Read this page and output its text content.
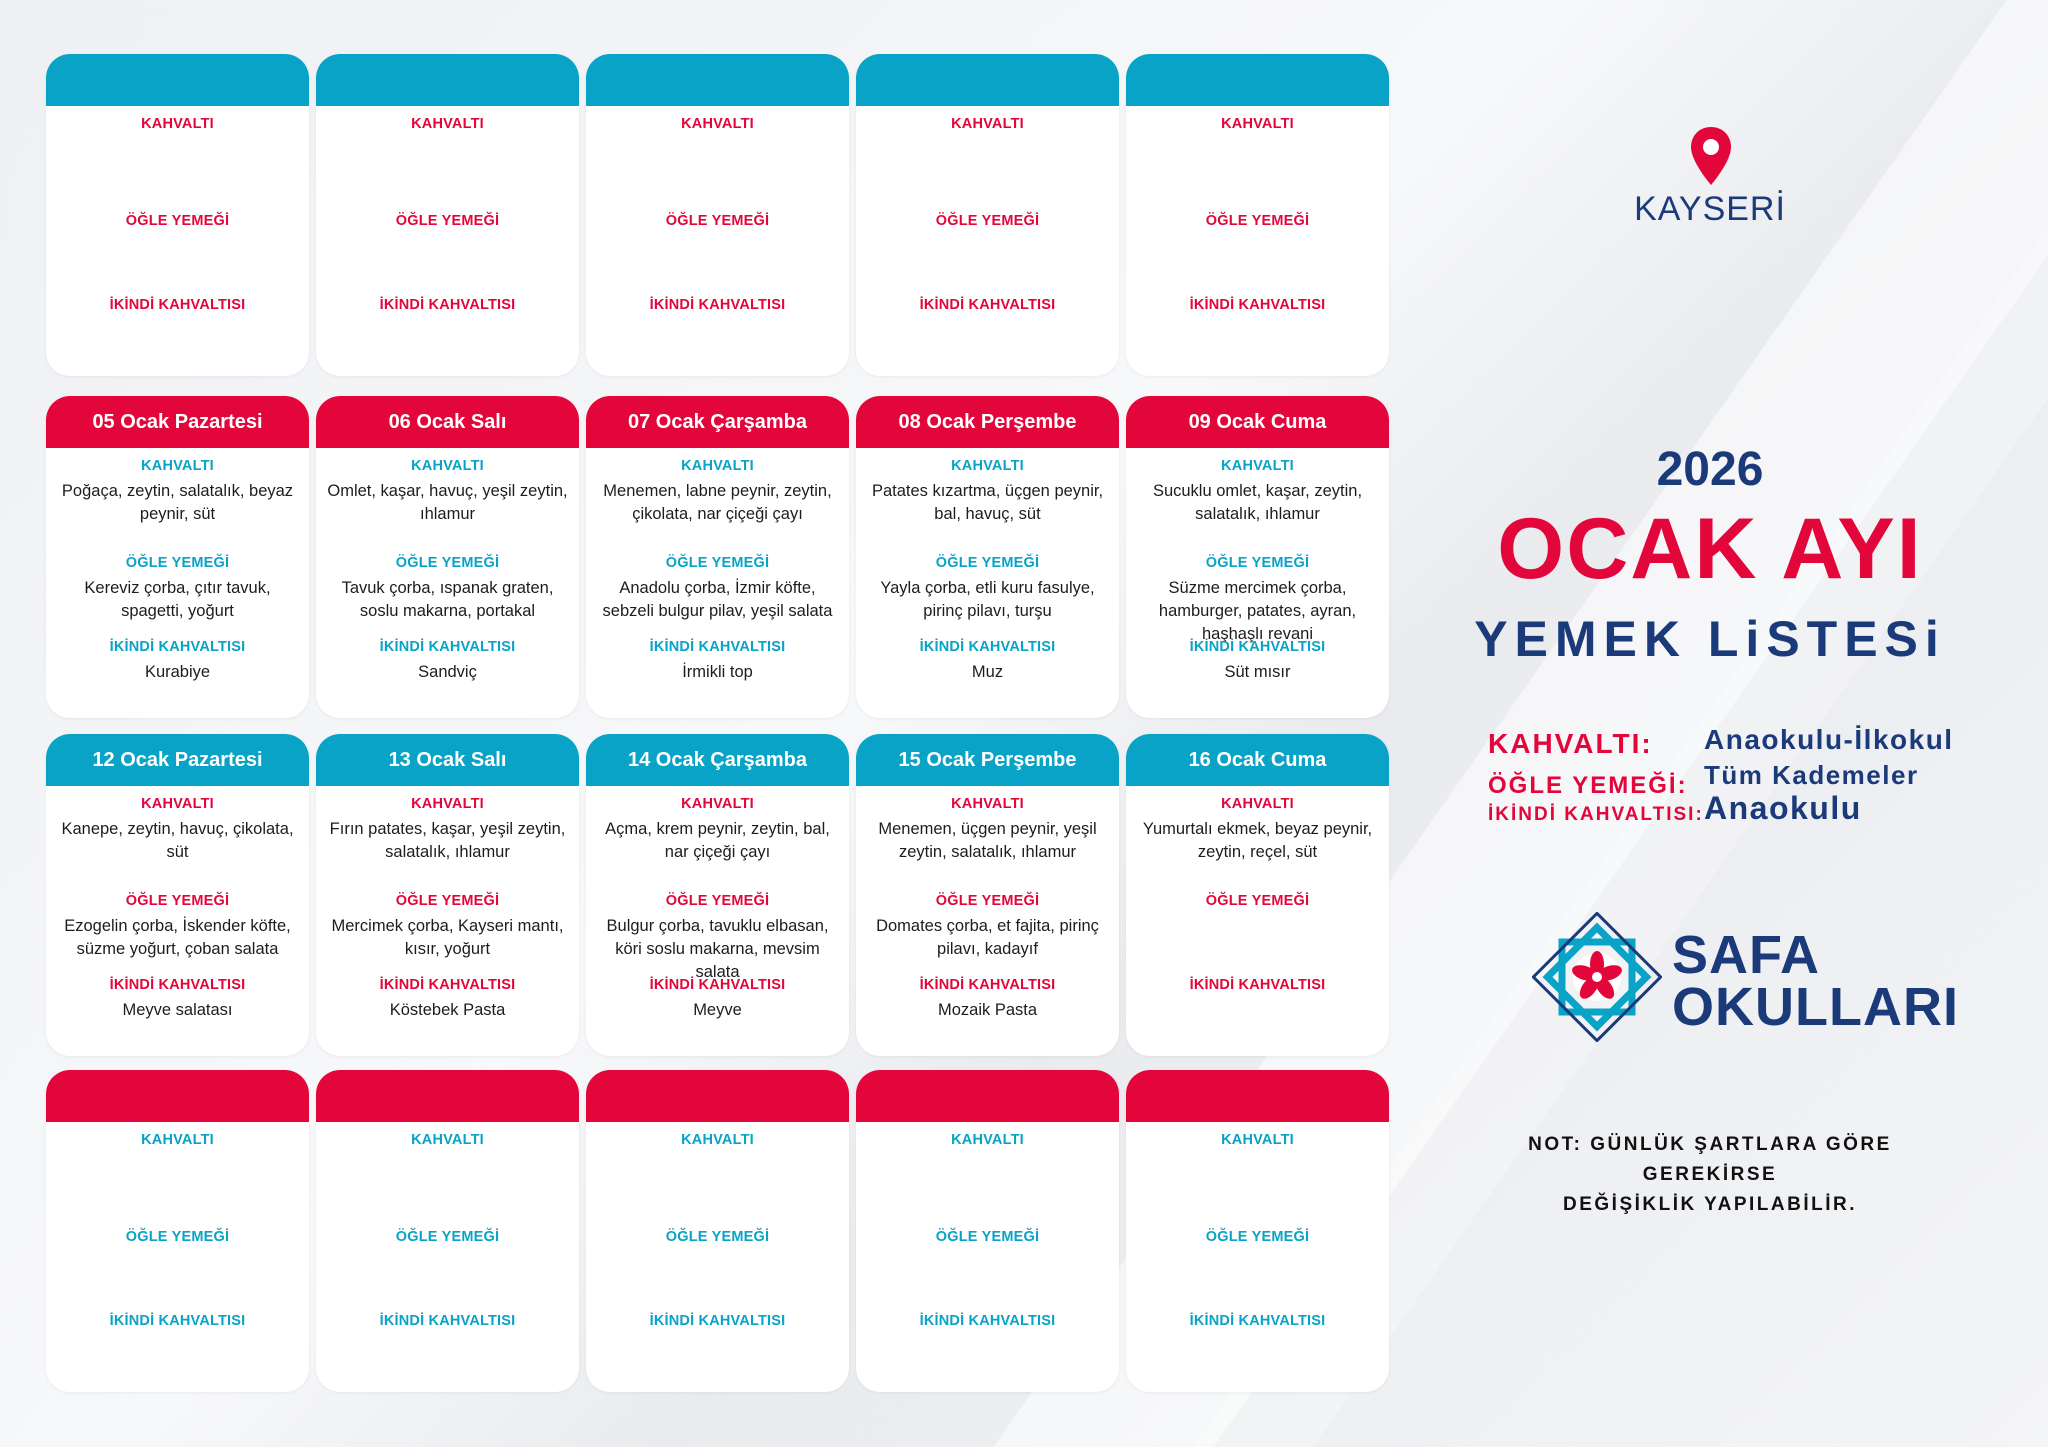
KAHVALTI
ÖĞLE YEMEĞİ
İKİNDİ KAHVALTISI
KAHVALTI
ÖĞLE YEMEĞİ
İKİNDİ KAHVALTISI
KAHVALTI
ÖĞLE YEMEĞİ
İKİNDİ KAHVALTISI
KAHVALTI
ÖĞLE YEMEĞİ
İKİNDİ KAHVALTISI
KAHVALTI
ÖĞLE YEMEĞİ
İKİNDİ KAHVALTISI
05 Ocak Pazartesi
KAHVALTI
Poğaça, zeytin, salatalık, beyaz peynir, süt
ÖĞLE YEMEĞİ
Kereviz çorba, çıtır tavuk, spagetti, yoğurt
İKİNDİ KAHVALTISI
Kurabiye
06 Ocak Salı
KAHVALTI
Omlet, kaşar, havuç, yeşil zeytin, ıhlamur
ÖĞLE YEMEĞİ
Tavuk çorba, ıspanak graten, soslu makarna, portakal
İKİNDİ KAHVALTISI
Sandviç
07 Ocak Çarşamba
KAHVALTI
Menemen, labne peynir, zeytin, çikolata, nar çiçeği çayı
ÖĞLE YEMEĞİ
Anadolu çorba, İzmir köfte, sebzeli bulgur pilav, yeşil salata
İKİNDİ KAHVALTISI
İrmikli top
08 Ocak Perşembe
KAHVALTI
Patates kızartma, üçgen peynir, bal, havuç, süt
ÖĞLE YEMEĞİ
Yayla çorba, etli kuru fasulye, pirinç pilavı, turşu
İKİNDİ KAHVALTISI
Muz
09 Ocak Cuma
KAHVALTI
Sucuklu omlet, kaşar, zeytin, salatalık, ıhlamur
ÖĞLE YEMEĞİ
Süzme mercimek çorba, hamburger, patates, ayran, haşhaşlı revani
İKİNDİ KAHVALTISI
Süt mısır
12 Ocak Pazartesi
KAHVALTI
Kanepe, zeytin, havuç, çikolata, süt
ÖĞLE YEMEĞİ
Ezogelin çorba, İskender köfte, süzme yoğurt, çoban salata
İKİNDİ KAHVALTISI
Meyve salatası
13 Ocak Salı
KAHVALTI
Fırın patates, kaşar, yeşil zeytin, salatalık, ıhlamur
ÖĞLE YEMEĞİ
Mercimek çorba, Kayseri mantı, kısır, yoğurt
İKİNDİ KAHVALTISI
Köstebek Pasta
14 Ocak Çarşamba
KAHVALTI
Açma, krem peynir, zeytin, bal, nar çiçeği çayı
ÖĞLE YEMEĞİ
Bulgur çorba, tavuklu elbasan, köri soslu makarna, mevsim salata
İKİNDİ KAHVALTISI
Meyve
15 Ocak Perşembe
KAHVALTI
Menemen, üçgen peynir, yeşil zeytin, salatalık, ıhlamur
ÖĞLE YEMEĞİ
Domates çorba, et fajita, pirinç pilavı, kadayıf
İKİNDİ KAHVALTISI
Mozaik Pasta
16 Ocak Cuma
KAHVALTI
Yumurtalı ekmek, beyaz peynir, zeytin, reçel, süt
ÖĞLE YEMEĞİ
İKİNDİ KAHVALTISI
KAHVALTI
ÖĞLE YEMEĞİ
İKİNDİ KAHVALTISI
KAHVALTI
ÖĞLE YEMEĞİ
İKİNDİ KAHVALTISI
KAHVALTI
ÖĞLE YEMEĞİ
İKİNDİ KAHVALTISI
KAHVALTI
ÖĞLE YEMEĞİ
İKİNDİ KAHVALTISI
KAHVALTI
ÖĞLE YEMEĞİ
İKİNDİ KAHVALTISI
KAYSERİ
2026
OCAK AYI
YEMEK LiSTESi
KAHVALTI: Anaokulu-İlkokul
ÖĞLE YEMEĞİ: Tüm Kademeler
İKİNDİ KAHVALTISI: Anaokulu
SAFA
OKULLARI
NOT: GÜNLÜK ŞARTLARA GÖRE GEREKİRSE
DEĞİŞİKLİK YAPILABİLİR.
